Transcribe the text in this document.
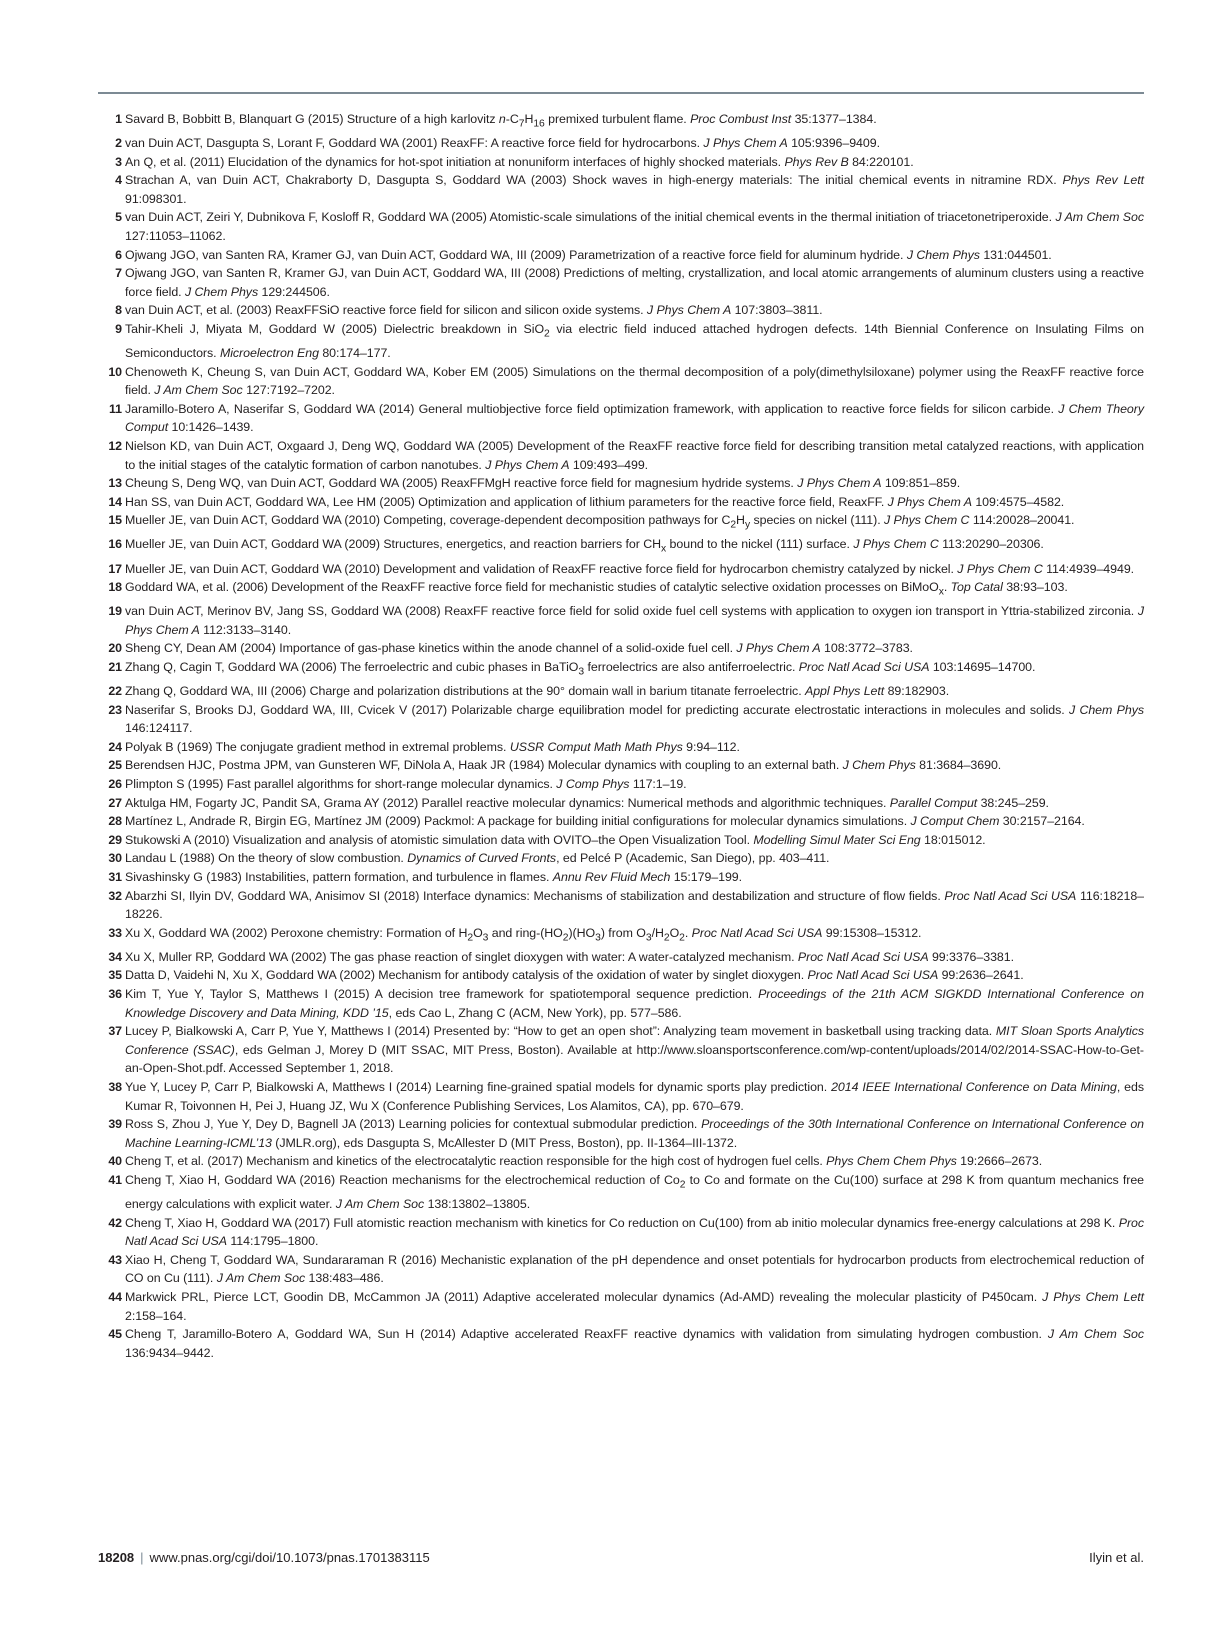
1 Savard B, Bobbitt B, Blanquart G (2015) Structure of a high karlovitz $n-C_7H_{16}$ premixed turbulent flame. Proc Combust Inst 35:1377–1384.
2 van Duin ACT, Dasgupta S, Lorant F, Goddard WA (2001) ReaxFF: A reactive force field for hydrocarbons. J Phys Chem A 105:9396–9409.
3 An Q, et al. (2011) Elucidation of the dynamics for hot-spot initiation at nonuniform interfaces of highly shocked materials. Phys Rev B 84:220101.
4 Strachan A, van Duin ACT, Chakraborty D, Dasgupta S, Goddard WA (2003) Shock waves in high-energy materials: The initial chemical events in nitramine RDX. Phys Rev Lett 91:098301.
5 van Duin ACT, Zeiri Y, Dubnikova F, Kosloff R, Goddard WA (2005) Atomistic-scale simulations of the initial chemical events in the thermal initiation of triacetonetriperoxide. J Am Chem Soc 127:11053–11062.
6 Ojwang JGO, van Santen RA, Kramer GJ, van Duin ACT, Goddard WA, III (2009) Parametrization of a reactive force field for aluminum hydride. J Chem Phys 131:044501.
7 Ojwang JGO, van Santen R, Kramer GJ, van Duin ACT, Goddard WA, III (2008) Predictions of melting, crystallization, and local atomic arrangements of aluminum clusters using a reactive force field. J Chem Phys 129:244506.
8 van Duin ACT, et al. (2003) ReaxFFSiO reactive force field for silicon and silicon oxide systems. J Phys Chem A 107:3803–3811.
9 Tahir-Kheli J, Miyata M, Goddard W (2005) Dielectric breakdown in SiO$_2$ via electric field induced attached hydrogen defects. 14th Biennial Conference on Insulating Films on Semiconductors. Microelectron Eng 80:174–177.
10 Chenoweth K, Cheung S, van Duin ACT, Goddard WA, Kober EM (2005) Simulations on the thermal decomposition of a poly(dimethylsiloxane) polymer using the ReaxFF reactive force field. J Am Chem Soc 127:7192–7202.
11 Jaramillo-Botero A, Naserifar S, Goddard WA (2014) General multiobjective force field optimization framework, with application to reactive force fields for silicon carbide. J Chem Theory Comput 10:1426–1439.
12 Nielson KD, van Duin ACT, Oxgaard J, Deng WQ, Goddard WA (2005) Development of the ReaxFF reactive force field for describing transition metal catalyzed reactions, with application to the initial stages of the catalytic formation of carbon nanotubes. J Phys Chem A 109:493–499.
13 Cheung S, Deng WQ, van Duin ACT, Goddard WA (2005) ReaxFFMgH reactive force field for magnesium hydride systems. J Phys Chem A 109:851–859.
14 Han SS, van Duin ACT, Goddard WA, Lee HM (2005) Optimization and application of lithium parameters for the reactive force field, ReaxFF. J Phys Chem A 109:4575–4582.
15 Mueller JE, van Duin ACT, Goddard WA (2010) Competing, coverage-dependent decomposition pathways for $C_2H_y$ species on nickel (111). J Phys Chem C 114:20028–20041.
16 Mueller JE, van Duin ACT, Goddard WA (2009) Structures, energetics, and reaction barriers for $CH_x$ bound to the nickel (111) surface. J Phys Chem C 113:20290–20306.
17 Mueller JE, van Duin ACT, Goddard WA (2010) Development and validation of ReaxFF reactive force field for hydrocarbon chemistry catalyzed by nickel. J Phys Chem C 114:4939–4949.
18 Goddard WA, et al. (2006) Development of the ReaxFF reactive force field for mechanistic studies of catalytic selective oxidation processes on BiMoO$_x$. Top Catal 38:93–103.
19 van Duin ACT, Merinov BV, Jang SS, Goddard WA (2008) ReaxFF reactive force field for solid oxide fuel cell systems with application to oxygen ion transport in Yttria-stabilized zirconia. J Phys Chem A 112:3133–3140.
20 Sheng CY, Dean AM (2004) Importance of gas-phase kinetics within the anode channel of a solid-oxide fuel cell. J Phys Chem A 108:3772–3783.
21 Zhang Q, Cagin T, Goddard WA (2006) The ferroelectric and cubic phases in BaTiO$_3$ ferroelectrics are also antiferroelectric. Proc Natl Acad Sci USA 103:14695–14700.
22 Zhang Q, Goddard WA, III (2006) Charge and polarization distributions at the 90° domain wall in barium titanate ferroelectric. Appl Phys Lett 89:182903.
23 Naserifar S, Brooks DJ, Goddard WA, III, Cvicek V (2017) Polarizable charge equilibration model for predicting accurate electrostatic interactions in molecules and solids. J Chem Phys 146:124117.
24 Polyak B (1969) The conjugate gradient method in extremal problems. USSR Comput Math Math Phys 9:94–112.
25 Berendsen HJC, Postma JPM, van Gunsteren WF, DiNola A, Haak JR (1984) Molecular dynamics with coupling to an external bath. J Chem Phys 81:3684–3690.
26 Plimpton S (1995) Fast parallel algorithms for short-range molecular dynamics. J Comp Phys 117:1–19.
27 Aktulga HM, Fogarty JC, Pandit SA, Grama AY (2012) Parallel reactive molecular dynamics: Numerical methods and algorithmic techniques. Parallel Comput 38:245–259.
28 Martínez L, Andrade R, Birgin EG, Martínez JM (2009) Packmol: A package for building initial configurations for molecular dynamics simulations. J Comput Chem 30:2157–2164.
29 Stukowski A (2010) Visualization and analysis of atomistic simulation data with OVITO–the Open Visualization Tool. Modelling Simul Mater Sci Eng 18:015012.
30 Landau L (1988) On the theory of slow combustion. Dynamics of Curved Fronts, ed Pelcé P (Academic, San Diego), pp. 403–411.
31 Sivashinsky G (1983) Instabilities, pattern formation, and turbulence in flames. Annu Rev Fluid Mech 15:179–199.
32 Abarzhi SI, Ilyin DV, Goddard WA, Anisimov SI (2018) Interface dynamics: Mechanisms of stabilization and destabilization and structure of flow fields. Proc Natl Acad Sci USA 116:18218–18226.
33 Xu X, Goddard WA (2002) Peroxone chemistry: Formation of $H_2O_3$ and ring-$(HO_2)(HO_3)$ from $O_3/H_2O_2$. Proc Natl Acad Sci USA 99:15308–15312.
34 Xu X, Muller RP, Goddard WA (2002) The gas phase reaction of singlet dioxygen with water: A water-catalyzed mechanism. Proc Natl Acad Sci USA 99:3376–3381.
35 Datta D, Vaidehi N, Xu X, Goddard WA (2002) Mechanism for antibody catalysis of the oxidation of water by singlet dioxygen. Proc Natl Acad Sci USA 99:2636–2641.
36 Kim T, Yue Y, Taylor S, Matthews I (2015) A decision tree framework for spatiotemporal sequence prediction. Proceedings of the 21th ACM SIGKDD International Conference on Knowledge Discovery and Data Mining, KDD ’15, eds Cao L, Zhang C (ACM, New York), pp. 577–586.
37 Lucey P, Bialkowski A, Carr P, Yue Y, Matthews I (2014) Presented by: “How to get an open shot”: Analyzing team movement in basketball using tracking data. MIT Sloan Sports Analytics Conference (SSAC), eds Gelman J, Morey D (MIT SSAC, MIT Press, Boston). Available at http://www.sloansportsconference.com/wp-content/uploads/2014/02/2014-SSAC-How-to-Get-an-Open-Shot.pdf. Accessed September 1, 2018.
38 Yue Y, Lucey P, Carr P, Bialkowski A, Matthews I (2014) Learning fine-grained spatial models for dynamic sports play prediction. 2014 IEEE International Conference on Data Mining, eds Kumar R, Toivonnen H, Pei J, Huang JZ, Wu X (Conference Publishing Services, Los Alamitos, CA), pp. 670–679.
39 Ross S, Zhou J, Yue Y, Dey D, Bagnell JA (2013) Learning policies for contextual submodular prediction. Proceedings of the 30th International Conference on International Conference on Machine Learning-ICML’13 (JMLR.org), eds Dasgupta S, McAllester D (MIT Press, Boston), pp. II-1364–III-1372.
40 Cheng T, et al. (2017) Mechanism and kinetics of the electrocatalytic reaction responsible for the high cost of hydrogen fuel cells. Phys Chem Chem Phys 19:2666–2673.
41 Cheng T, Xiao H, Goddard WA (2016) Reaction mechanisms for the electrochemical reduction of $Co_2$ to Co and formate on the Cu(100) surface at 298 K from quantum mechanics free energy calculations with explicit water. J Am Chem Soc 138:13802–13805.
42 Cheng T, Xiao H, Goddard WA (2017) Full atomistic reaction mechanism with kinetics for Co reduction on Cu(100) from ab initio molecular dynamics free-energy calculations at 298 K. Proc Natl Acad Sci USA 114:1795–1800.
43 Xiao H, Cheng T, Goddard WA, Sundararaman R (2016) Mechanistic explanation of the pH dependence and onset potentials for hydrocarbon products from electrochemical reduction of CO on Cu (111). J Am Chem Soc 138:483–486.
44 Markwick PRL, Pierce LCT, Goodin DB, McCammon JA (2011) Adaptive accelerated molecular dynamics (Ad-AMD) revealing the molecular plasticity of P450cam. J Phys Chem Lett 2:158–164.
45 Cheng T, Jaramillo-Botero A, Goddard WA, Sun H (2014) Adaptive accelerated ReaxFF reactive dynamics with validation from simulating hydrogen combustion. J Am Chem Soc 136:9434–9442.
18208 | www.pnas.org/cgi/doi/10.1073/pnas.1701383115	Ilyin et al.
